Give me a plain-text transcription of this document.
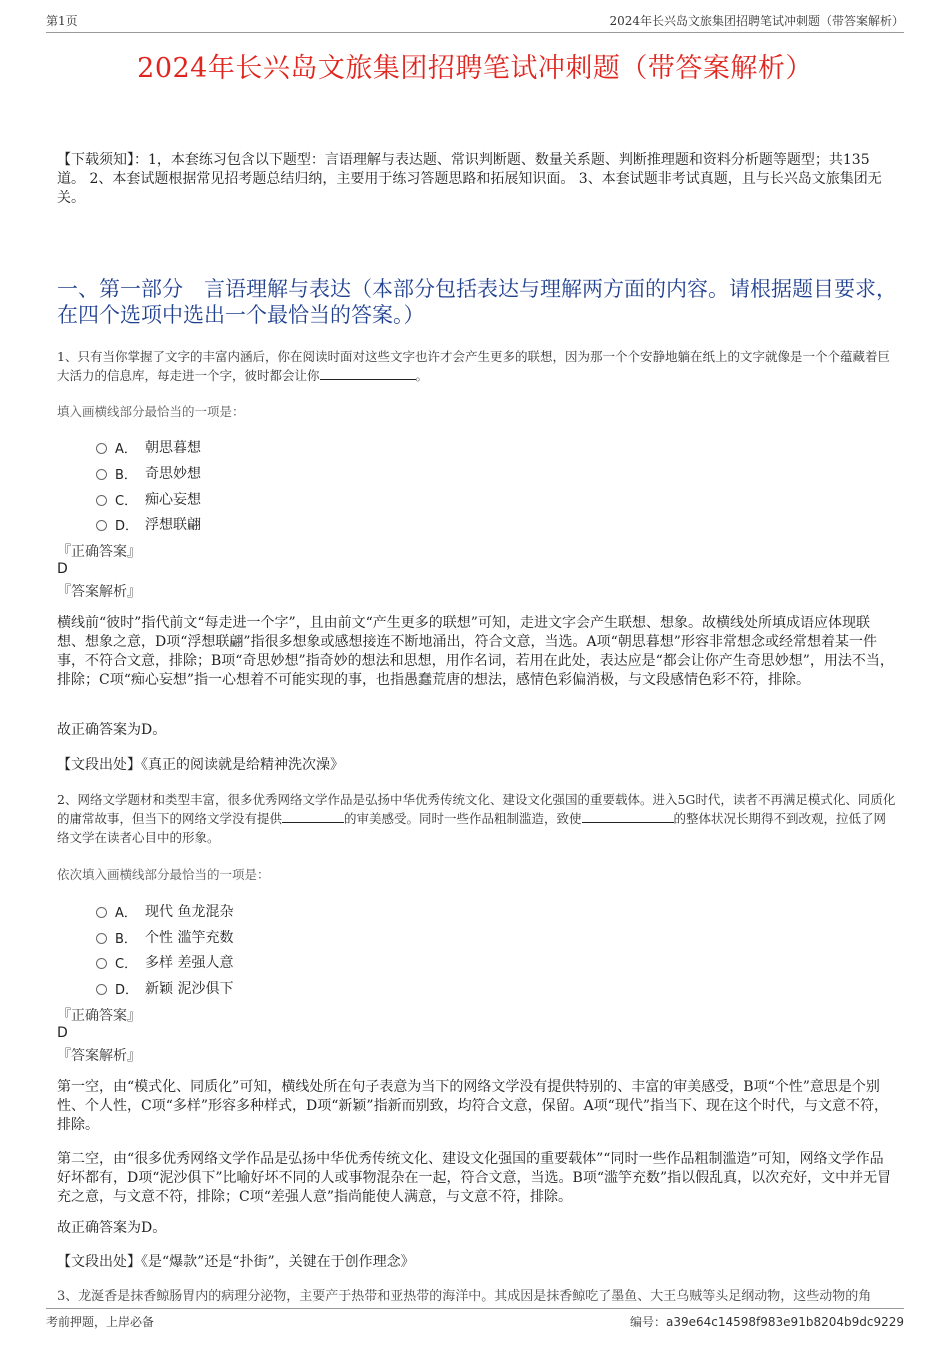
第1页	2024年长兴岛文旅集团招聘笔试冲刺题（带答案解析）
2024年长兴岛文旅集团招聘笔试冲刺题（带答案解析）
【下载须知】：1，本套练习包含以下题型：言语理解与表达题、常识判断题、数量关系题、判断推理题和资料分析题等题型；共135道。 2、本套试题根据常见招考题总结归纳，主要用于练习答题思路和拓展知识面。 3、本套试题非考试真题，且与长兴岛文旅集团无关。
一、第一部分　言语理解与表达（本部分包括表达与理解两方面的内容。请根据题目要求，在四个选项中选出一个最恰当的答案。）
1、只有当你掌握了文字的丰富内涵后，你在阅读时面对这些文字也许才会产生更多的联想，因为那一个个安静地躺在纸上的文字就像是一个个蕴藏着巨大活力的信息库，每走进一个字，彼时都会让你	。
填入画横线部分最恰当的一项是：
A． 朝思暮想
B． 奇思妙想
C． 痴心妄想
D． 浮想联翩
『正确答案』
D
『答案解析』
横线前“彼时”指代前文“每走进一个字”，且由前文“产生更多的联想”可知，走进文字会产生联想、想象。故横线处所填成语应体现联想、想象之意，D项“浮想联翩”指很多想象或感想接连不断地涌出，符合文意，当选。A项“朝思暮想”形容非常想念或经常想着某一件事，不符合文意，排除；B项“奇思妙想”指奇妙的想法和思想，用作名词，若用在此处，表达应是“都会让你产生奇思妙想”，用法不当，排除；C项“痴心妄想”指一心想着不可能实现的事，也指愚蠢荒唐的想法，感情色彩偏消极，与文段感情色彩不符，排除。
故正确答案为D。
【文段出处】《真正的阅读就是给精神洗次澡》
2、网络文学题材和类型丰富，很多优秀网络文学作品是弘扬中华优秀传统文化、建设文化强国的重要载体。进入5G时代，读者不再满足模式化、同质化的庸常故事，但当下的网络文学没有提供	的审美感受。同时一些作品粗制滥造，致使	的整体状况长期得不到改观，拉低了网络文学在读者心目中的形象。
依次填入画横线部分最恰当的一项是：
A． 现代 鱼龙混杂
B． 个性 滥竽充数
C． 多样 差强人意
D． 新颖 泥沙俱下
『正确答案』
D
『答案解析』
第一空，由“模式化、同质化”可知，横线处所在句子表意为当下的网络文学没有提供特别的、丰富的审美感受，B项“个性”意思是个别性、个人性，C项“多样”形容多种样式，D项“新颖”指新而别致，均符合文意，保留。A项“现代”指当下、现在这个时代，与文意不符，排除。
第二空，由“很多优秀网络文学作品是弘扬中华优秀传统文化、建设文化强国的重要载体”“同时一些作品粗制滥造”可知，网络文学作品好坏都有，D项“泥沙俱下”比喻好坏不同的人或事物混杂在一起，符合文意，当选。B项“滥竽充数”指以假乱真，以次充好，文中并无冒充之意，与文意不符，排除；C项“差强人意”指尚能使人满意，与文意不符，排除。
故正确答案为D。
【文段出处】《是“爆款”还是“扑街”，关键在于创作理念》
3、龙涎香是抹香鲸肠胃内的病理分泌物，主要产于热带和亚热带的海洋中。其成因是抹香鲸吃了墨鱼、大王乌贼等头足纲动物，这些动物的角
考前押题，上岸必备	编号：a39e64c14598f983e91b8204b9dc9229
